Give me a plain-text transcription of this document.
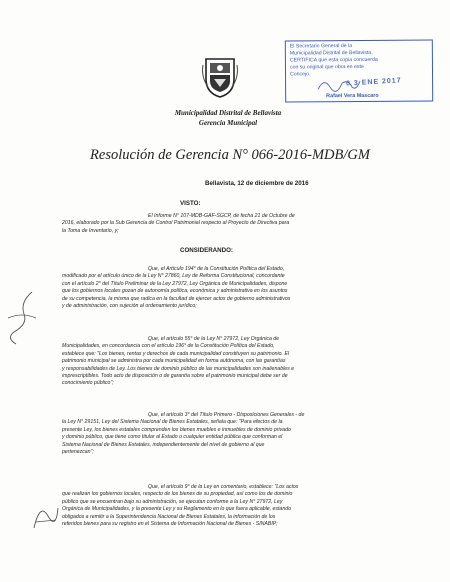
Municipalidad Distrital de Bellavista
Gerencia Municipal
El Secretario General de la
Municipalidad Distrital de Bellavista,
CERTIFICA que esta copia concuerda
con su original que obra en este
Concejo.
0 3 ENE 2017
Rafael Vera Mascaro
Resolución de Gerencia N° 066-2016-MDB/GM
Bellavista, 12 de diciembre de 2016
VISTO:
El Informe N° 107-MDB-GAF-SGCP, de fecha 21 de Octubre de
2016, elaborado por la Sub Gerencia de Control Patrimonial respecto al Proyecto de Directiva para
la Toma de Inventario, y;
CONSIDERANDO:
Que, el Artículo 194° de la Constitución Política del Estado,
modificado por el artículo único de la Ley N° 27860, Ley de Reforma Constitucional, concordante
con el artículo 2° del Título Preliminar de la Ley 27972, Ley Orgánica de Municipalidades, dispone
que los gobiernos locales gozan de autonomía política, económica y administrativa en los asuntos
de su competencia, la misma que radica en la facultad de ejercer actos de gobierno administrativos
y de administración, con sujeción al ordenamiento jurídico;
Que, el artículo 55° de la Ley N° 27972, Ley Orgánica de
Municipalidades, en concordancia con el artículo 196° de la Constitución Política del Estado,
establece que: "Los bienes, rentas y derechos de cada municipalidad constituyen su patrimonio. El
patrimonio municipal se administra por cada municipalidad en forma autónoma, con las garantías
y responsabilidades de Ley. Los bienes de dominio público de las municipalidades son inalienables e
imprescriptibles. Todo acto de disposición o de garantía sobre el patrimonio municipal debe ser de
conocimiento público";
Que, el artículo 3° del Título Primero - Disposiciones Generales - de
la Ley N° 29151, Ley del Sistema Nacional de Bienes Estatales, señala que: "Para efectos de la
presente Ley, los bienes estatales comprenden los bienes muebles e inmuebles de dominio privado
y dominio público, que tiene como titular al Estado o cualquier entidad pública que conforman el
Sistema Nacional de Bienes Estatales, independientemente del nivel de gobierno al que
pertenezcan";
Que, el artículo 9° de la Ley en comentario, establece: "Los actos
que realizan los gobiernos locales, respecto de los bienes de su propiedad, así como los de dominio
público que se encuentran bajo su administración, se ejecutan conforme a la Ley N° 27972, Ley
Orgánica de Municipalidades, y la presente Ley y su Reglamento en lo que fuera aplicable, estando
obligados a remitir a la Superintendencia Nacional de Bienes Estatales, la información de los
referidos bienes para su registro en el Sistema de Información Nacional de Bienes - SINABIP;
